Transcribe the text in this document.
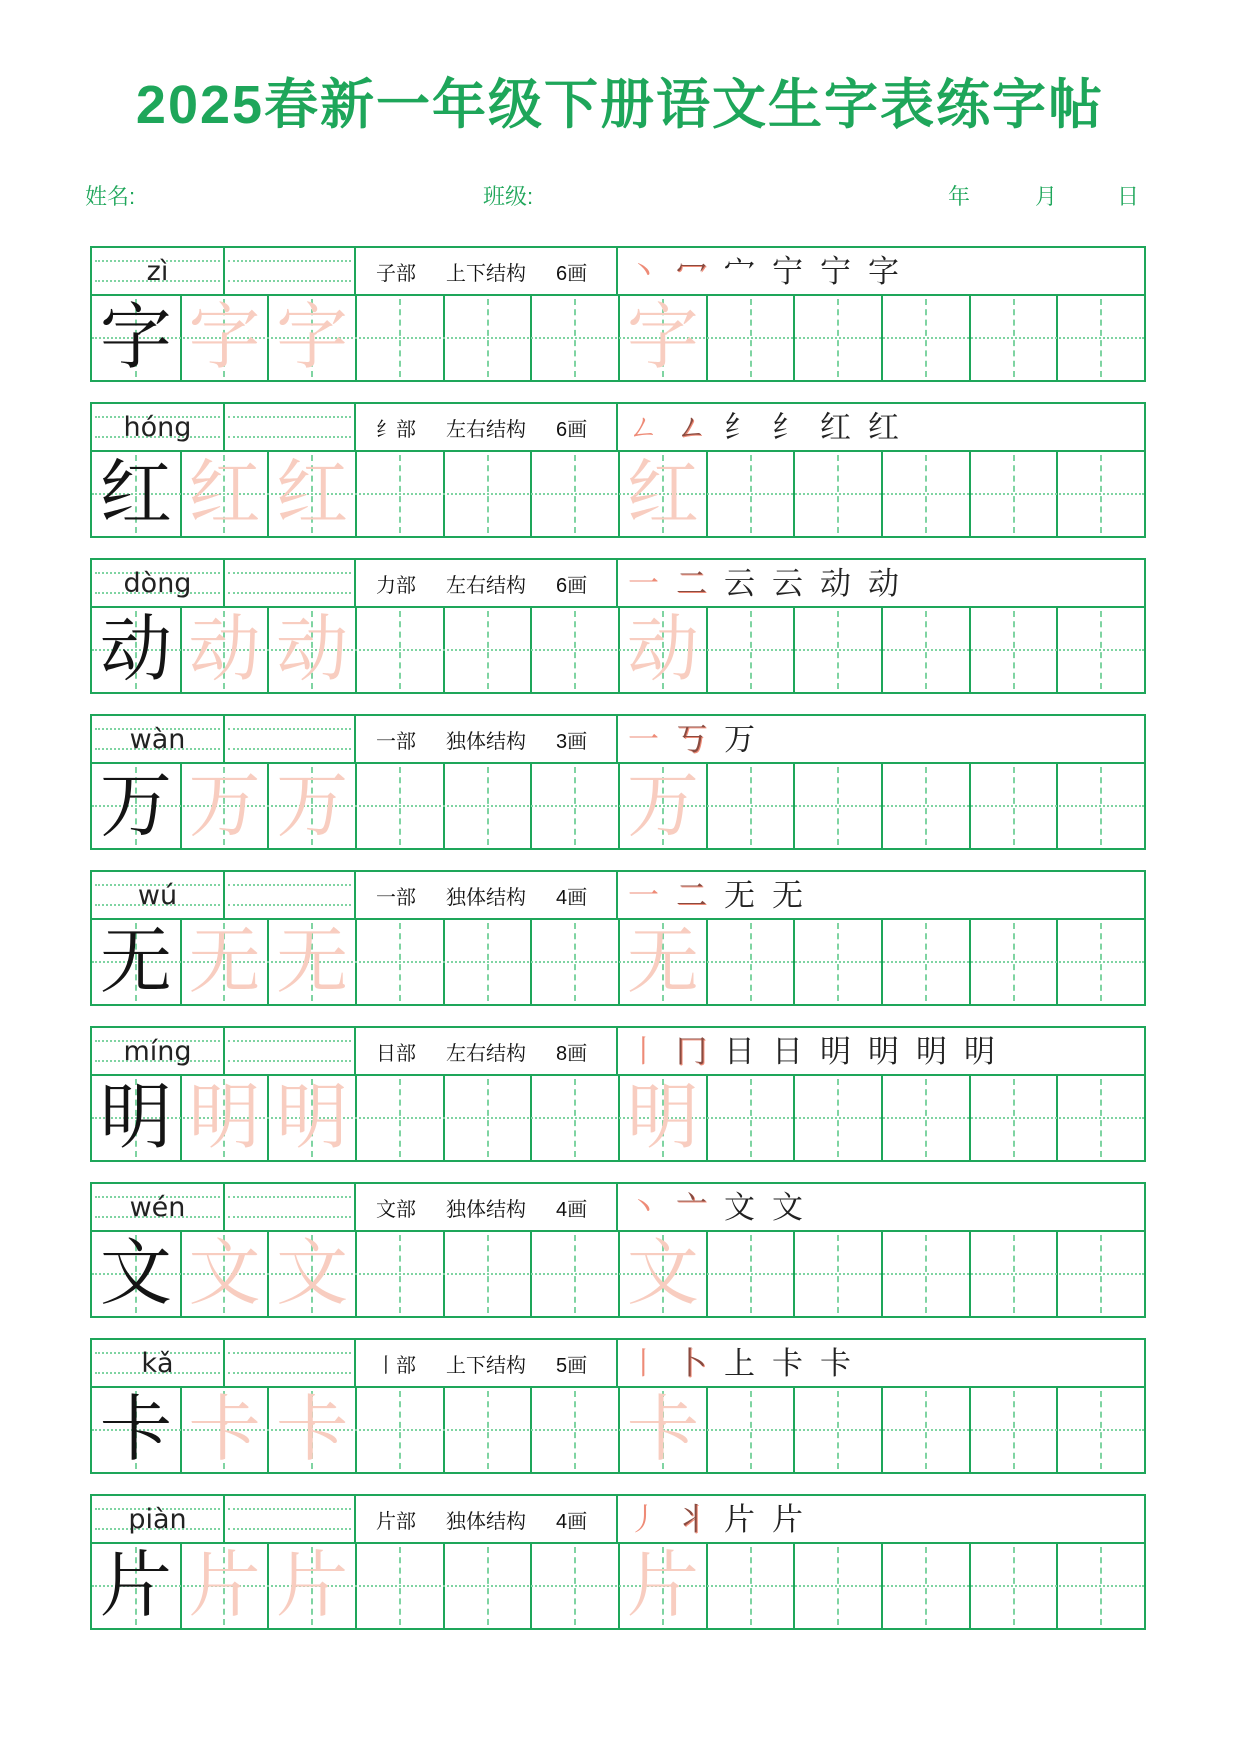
2025春新一年级下册语文生字表练字帖
姓名:	班级:	年	月	日
zì	子部 上下结构 6画 丶 冖 宀 宁 宁 字
字 字 字	字
hóng	纟部 左右结构 6画 ㄥ ㄥ 纟 纟 红 红
红 红 红	红
dòng	力部 左右结构 6画 一 二 云 云 动 动
动 动 动	动
wàn	一部 独体结构 3画 一 丂 万
万 万 万	万
wú	一部 独体结构 4画 一 二 无 无
无 无 无	无
míng	日部 左右结构 8画 丨 冂 日 日 明 明 明 明
明 明 明	明
wén	文部 独体结构 4画 丶 亠 文 文
文 文 文	文
kǎ	丨部 上下结构 5画 丨 卜 上 卡 卡
卡 卡 卡	卡
piàn	片部 独体结构 4画 丿 丬 片 片
片 片 片	片
